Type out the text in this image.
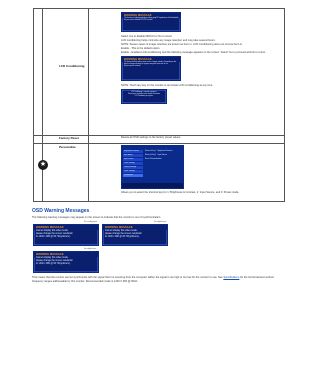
LCD Conditioning
WARNING MESSAGE
The function of adjusting display setting using PC application will be disabled.
Do you want to disable DDC/CI function?
Select Yes to disable DDC/CI or No to return.
LCD conditioning helps minimize any image retention and may take several hours.
NOTE: Severe cases of image retention are known as burn in. LCD Conditioning does not remove burn in.
Enable - This is the default option.
Enable - Enables LCD conditioning and the following message appears on the screen. Select Yes to proceed and No to return.
WARNING MESSAGE
The feature will help reduce minor cases of image retention. Depending on the
degree of image retention the program may take some time to run.
Do you want to continue?
NOTE: Touch any key on the monitor to terminate LCD Conditioning at any time.
LCD Conditioning is currently in progress.
Please press any button on the monitor to terminate
LCD Conditioning at any time.
Factory Reset	Resets all OSD settings to the factory preset values.
★
Personalize
Brightness/Contrast
Auto Adjust
Input Source
Color Settings
Display Settings
Other Settings
Personalize
Shortcut Key 1   Brightness/Contrast
Shortcut Key 2   Input Source
Reset Personalization
Allows you to select the shortcut key for 1: Brightness & Contrast, 2: Input Source, and 3: Preset mode.
OSD Warning Messages
The following warning messages may appear on the screen to indicate that the monitor is out of synchronization.
For analog input	For digital input
WARNING MESSAGE
Cannot display this video mode.
please change the screen resolution
to 1440 x 900 @ 60 Hz(optimum).
WARNING MESSAGE
Cannot display this video mode.
please change the screen resolution
to 1440 x 900 @ 60 Hz(optimum).
For digital input
WARNING MESSAGE
Cannot display this video mode.
please change the screen resolution
to 1440 x 900 @ 60 Hz(optimum).
This means that the monitor cannot synchronize with the signal that it is receiving from the computer. Either the signal is too high or too low for the monitor to use. See Specifications for the horizontal and vertical frequency ranges addressable by this monitor. Recommended mode is 1440 X 900 @ 60Hz.
